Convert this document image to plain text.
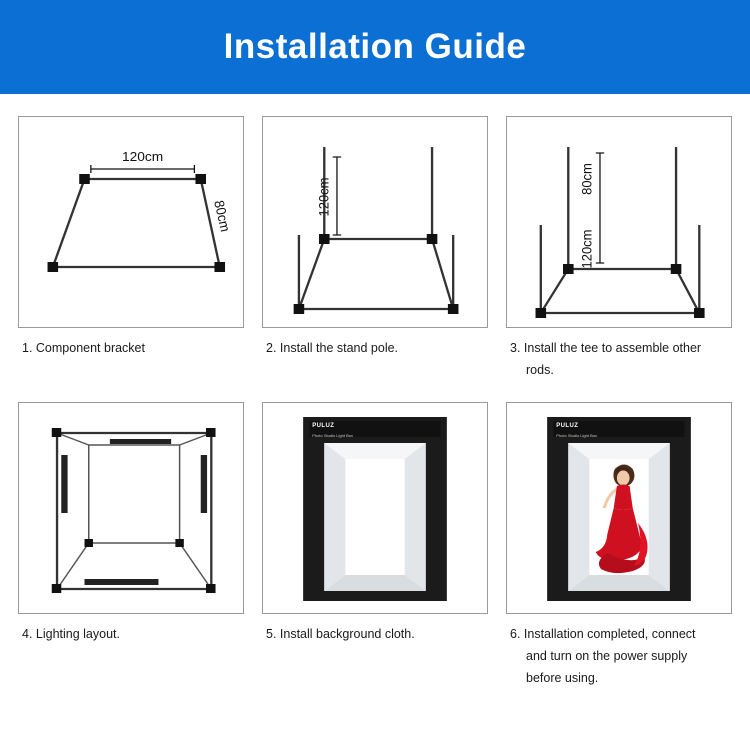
Installation Guide
120cm
80cm
1. Component bracket
120cm
2. Install the stand pole.
80cm
120cm
3. Install the tee to assemble other
rods.
4. Lighting layout.
PULUZ
Photo Studio Light Box
5. Install background cloth.
PULUZ
Photo Studio Light Box
6. Installation completed, connect
and turn on the power supply
before using.
